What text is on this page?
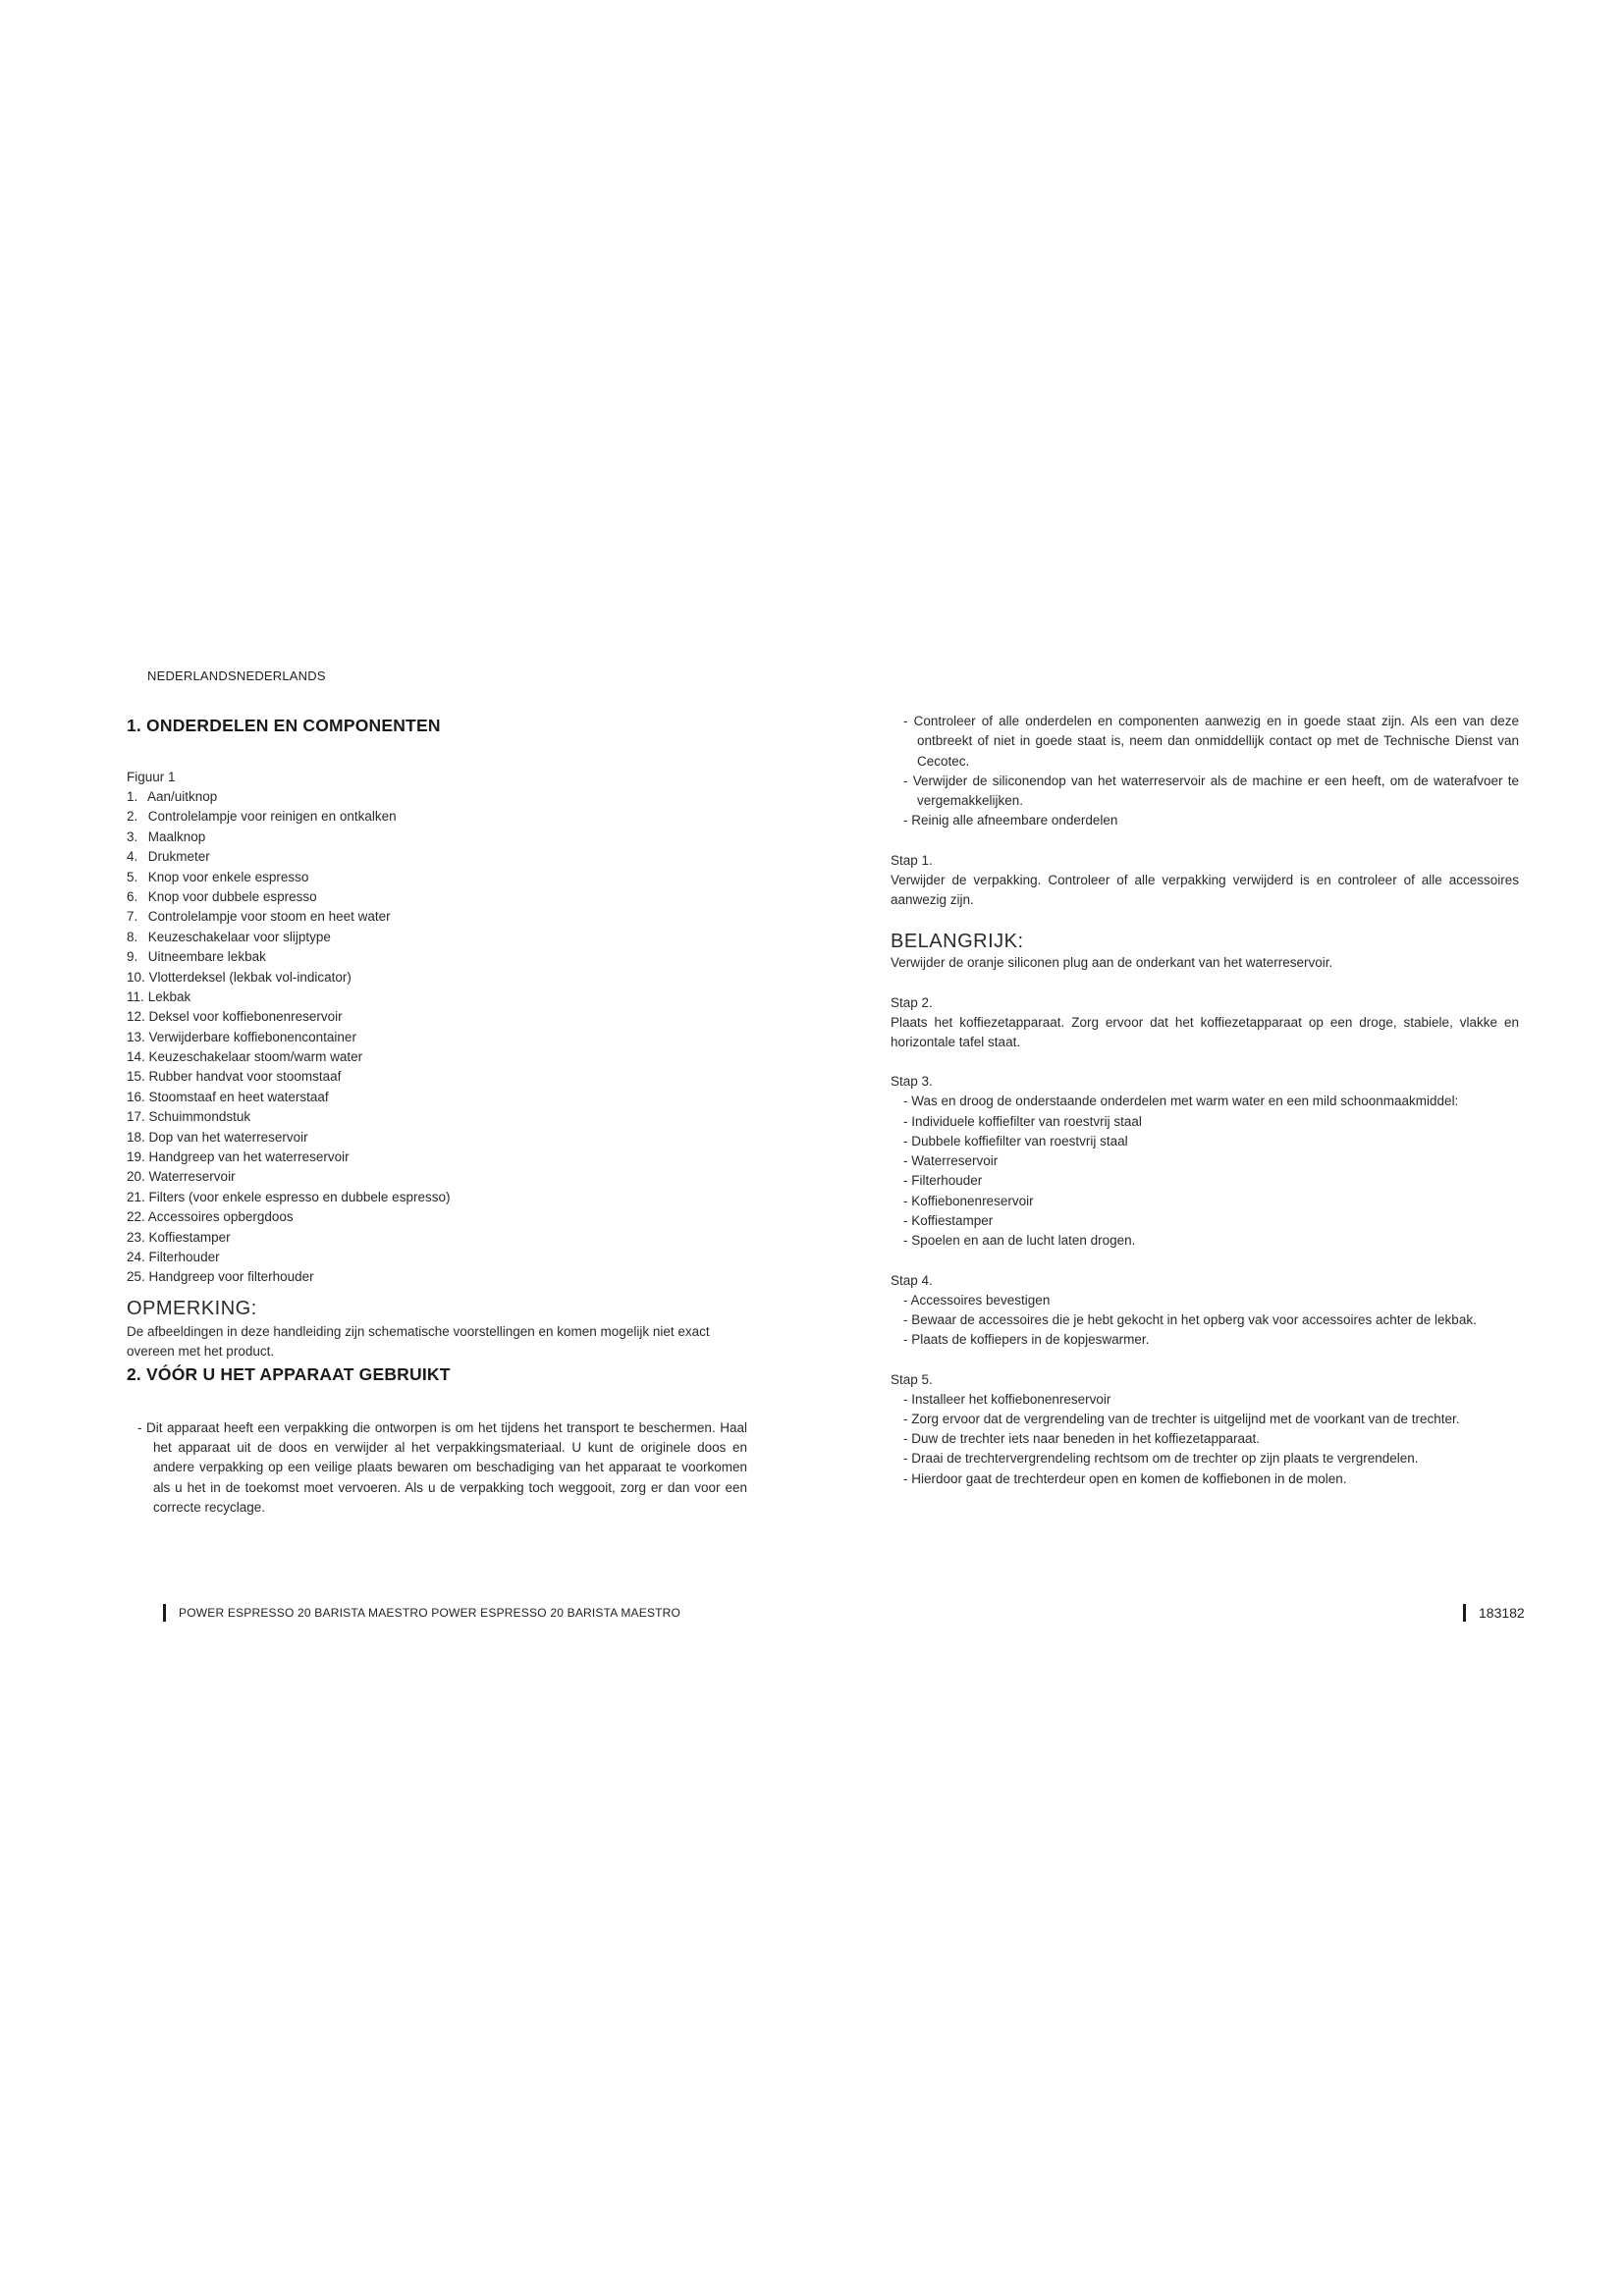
NEDERLANDSNEDERLANDS
1. ONDERDELEN EN COMPONENTEN
Figuur 1
1. Aan/uitknop
2. Controlelampje voor reinigen en ontkalken
3. Maalknop
4. Drukmeter
5. Knop voor enkele espresso
6. Knop voor dubbele espresso
7. Controlelampje voor stoom en heet water
8. Keuzeschakelaar voor slijptype
9. Uitneembare lekbak
10. Vlotterdeksel (lekbak vol-indicator)
11. Lekbak
12. Deksel voor koffiebonenreservoir
13. Verwijderbare koffiebonencontainer
14. Keuzeschakelaar stoom/warm water
15. Rubber handvat voor stoomstaaf
16. Stoomstaaf en heet waterstaaf
17. Schuimmondstuk
18. Dop van het waterreservoir
19. Handgreep van het waterreservoir
20. Waterreservoir
21. Filters (voor enkele espresso en dubbele espresso)
22. Accessoires opbergdoos
23. Koffiestamper
24. Filterhouder
25. Handgreep voor filterhouder
OPMERKING:
De afbeeldingen in deze handleiding zijn schematische voorstellingen en komen mogelijk niet exact overeen met het product.
2. VÓÓR U HET APPARAAT GEBRUIKT
- Dit apparaat heeft een verpakking die ontworpen is om het tijdens het transport te beschermen. Haal het apparaat uit de doos en verwijder al het verpakkingsmateriaal. U kunt de originele doos en andere verpakking op een veilige plaats bewaren om beschadiging van het apparaat te voorkomen als u het in de toekomst moet vervoeren. Als u de verpakking toch weggooit, zorg er dan voor een correcte recyclage.
- Controleer of alle onderdelen en componenten aanwezig en in goede staat zijn. Als een van deze ontbreekt of niet in goede staat is, neem dan onmiddellijk contact op met de Technische Dienst van Cecotec.
- Verwijder de siliconendop van het waterreservoir als de machine er een heeft, om de waterafvoer te vergemakkelijken.
- Reinig alle afneembare onderdelen
Stap 1.
Verwijder de verpakking. Controleer of alle verpakking verwijderd is en controleer of alle accessoires aanwezig zijn.
BELANGRIJK:
Verwijder de oranje siliconen plug aan de onderkant van het waterreservoir.
Stap 2.
Plaats het koffiezetapparaat. Zorg ervoor dat het koffiezetapparaat op een droge, stabiele, vlakke en horizontale tafel staat.
Stap 3.
- Was en droog de onderstaande onderdelen met warm water en een mild schoonmaakmiddel:
- Individuele koffiefilter van roestvrij staal
- Dubbele koffiefilter van roestvrij staal
- Waterreservoir
- Filterhouder
- Koffiebonenreservoir
- Koffiestamper
- Spoelen en aan de lucht laten drogen.
Stap 4.
- Accessoires bevestigen
- Bewaar de accessoires die je hebt gekocht in het opberg vak voor accessoires achter de lekbak.
- Plaats de koffiepers in de kopjeswarmer.
Stap 5.
- Installeer het koffiebonenreservoir
- Zorg ervoor dat de vergrendeling van de trechter is uitgelijnd met de voorkant van de trechter.
- Duw de trechter iets naar beneden in het koffiezetapparaat.
- Draai de trechtervergrendeling rechtsom om de trechter op zijn plaats te vergrendelen.
- Hierdoor gaat de trechterdeur open en komen de koffiebonen in de molen.
POWER ESPRESSO 20 BARISTA MAESTRO POWER ESPRESSO 20 BARISTA MAESTRO	183182
